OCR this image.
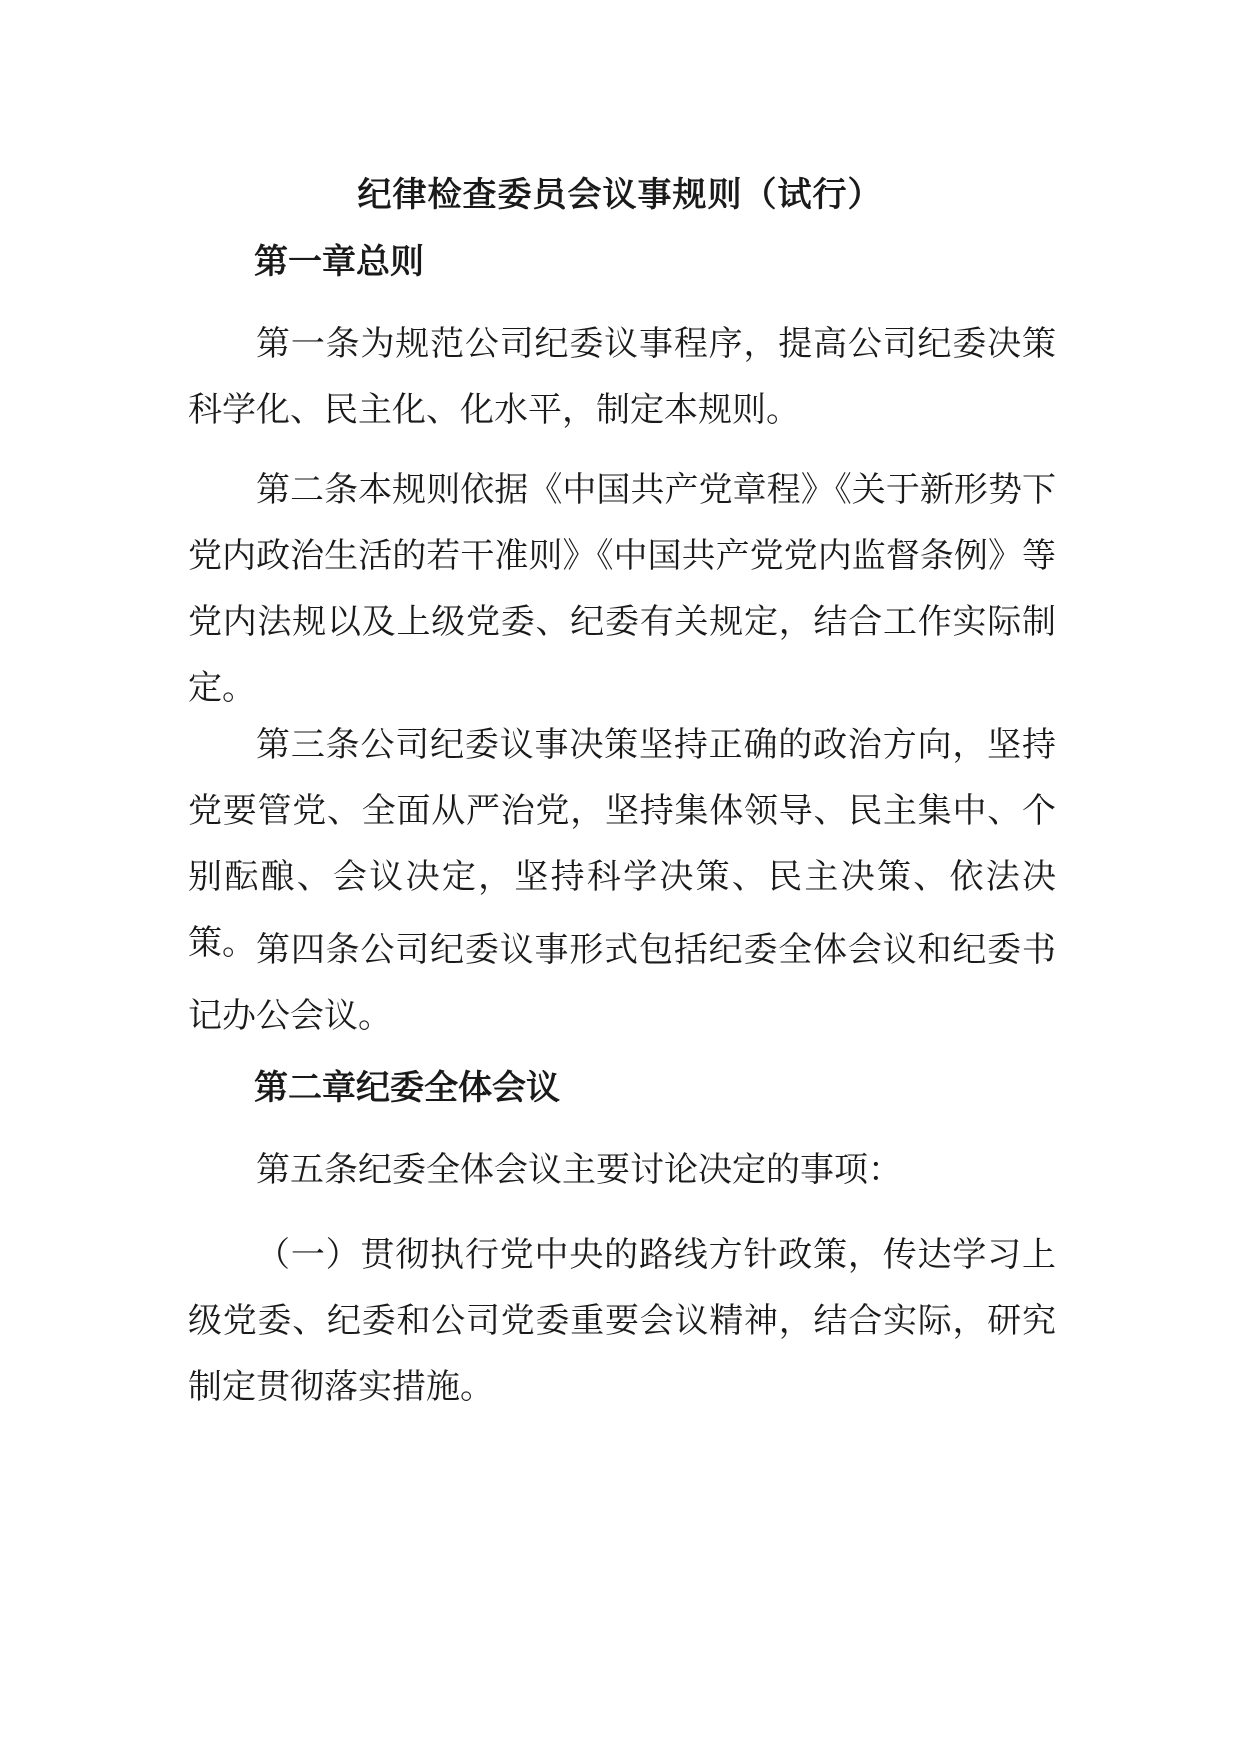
纪律检查委员会议事规则（试行）
第一章总则

第一条为规范公司纪委议事程序，提高公司纪委决策科学化、民主化、化水平，制定本规则。

第二条本规则依据《中国共产党章程》《关于新形势下党内政治生活的若干准则》《中国共产党党内监督条例》等党内法规以及上级党委、纪委有关规定，结合工作实际制定。

第三条公司纪委议事决策坚持正确的政治方向，坚持党要管党、全面从严治党，坚持集体领导、民主集中、个别酝酿、会议决定，坚持科学决策、民主决策、依法决策。 第四条公司纪委议事形式包括纪委全体会议和纪委书记办公会议。

第二章纪委全体会议

第五条纪委全体会议主要讨论决定的事项：

（一）贯彻执行党中央的路线方针政策，传达学习上级党委、纪委和公司党委重要会议精神，结合实际，研究制定贯彻落实措施。
